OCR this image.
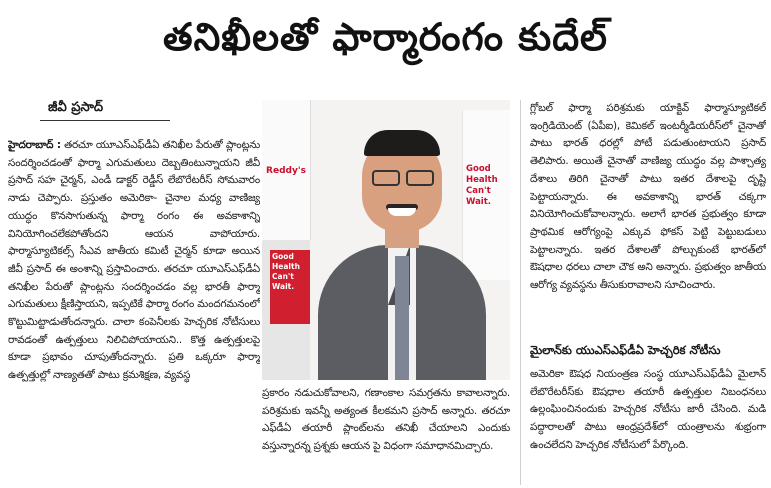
తనిఖీలతో ఫార్మారంగం కుదేల్
జీవీ ప్రసాద్

హైదరాబాద్ : తరచూ యూఎస్‌ఎఫ్‌డీఏ తనిఖీల పేరుతో ప్లాంట్లను సందర్శించడంతో ఫార్మా ఎగుమతులు దెబ్బతింటున్నాయని జీవీ ప్రసాద్ సహ చైర్మన్, ఎండీ డాక్టర్ రెడ్డీస్ లేబొరేటరీస్ సోమవారం నాడు చెప్పారు. ప్రస్తుతం అమెరికా- చైనాల మధ్య వాణిజ్య యుద్ధం కొనసాగుతున్న ఫార్మా రంగం ఈ అవకాశాన్ని వినియోగించలేకపోతోందని ఆయన వాపోయారు. ఫార్మాస్యూటికల్స్ సీఎవ జాతీయ కమిటీ చైర్మన్ కూడా అయిన జీవీ ప్రసాద్ ఈ అంశాన్ని ప్రస్తావించారు. తరచూ యూఎస్‌ఎఫ్‌డీఏ తనిఖీల పేరుతో ప్లాంట్లను సందర్శించడం వల్ల భారతీ ఫార్మా ఎగుమతులు క్షీణిస్తాయని, ఇప్పటికే ఫార్మా రంగం మందగమనంలో కొట్టుమిట్టాడుతోందన్నారు. చాలా కంపెనీలకు హెచ్చరిక నోటీసులు రావడంతో ఉత్పత్తులు నిలిచిపోయాయని.. కొత్త ఉత్పత్తులపై కూడా ప్రభావం చూపుతోందన్నారు. ప్రతి ఒక్కరూ ఫార్మా ఉత్పత్తుల్లో నాణ్యతతో పాటు క్రమశిక్షణ, వ్యవస్థ

Reddy's
Good Health Can't Wait.
Good Health Can't Wait.

ప్రకారం నడుచుకోవాలని, గణాంకాల సమగ్రతను కావాలన్నారు. పరిశ్రమకు ఇవన్నీ అత్యంత కీలకమని ప్రసాద్ అన్నారు. తరచూ ఎఫ్‌డీఏ తయారీ ప్లాంట్‌లను తనిఖీ చేయాలని ఎందుకు వస్తున్నారన్న ప్రశ్నకు ఆయన పై విధంగా సమాధానమిచ్చారు.

గ్లోబల్ ఫార్మా పరిశ్రమకు యాక్టివ్ ఫార్మాస్యూటికల్ ఇంగ్రిడియెంట్ (ఏపీఐ), కెమికల్ ఇంటర్మీడియరీస్‌లో చైనాతో పాటు భారత్ ధరల్లో పోటీ పడుతుంటాయని ప్రసాద్ తెలిపారు. అయితే చైనాతో వాణిజ్య యుద్ధం వల్ల పాశ్చాత్య దేశాలు తిరిగి చైనాతో పాటు ఇతర దేశాలపై దృష్టి పెట్టాయన్నారు. ఈ అవకాశాన్ని భారత్ చక్కగా వినియోగించుకోవాలన్నారు. అలాగే భారత ప్రభుత్వం కూడా ప్రాథమిక ఆరోగ్యంపై ఎక్కువ ఫోకస్ పెట్టి పెట్టుబడులు పెట్టాలన్నారు. ఇతర దేశాలతో పోల్చుకుంటే భారత్‌లో ఔషధాల ధరలు చాలా చౌక అని అన్నారు. ప్రభుత్వం జాతీయ ఆరోగ్య వ్యవస్థను తీసుకురావాలని సూచించారు.

మైలాన్‌కు యుఎస్‌ఎఫ్‌డీఏ హెచ్చరిక నోటీసు

అమెరికా ఔషధ నియంత్రణ సంస్థ యూఎస్‌ఎఫ్‌డీఏ మైలాన్ లేబొరేటరీస్‌కు ఔషధాల తయారీ ఉత్పత్తుల నిబంధనలు ఉల్లంఘించినందుకు హెచ్చరిక నోటీసు జారీ చేసింది. మడి పద్ధారాలతో పాటు ఆంధ్రప్రదేశ్‌లో యంత్రాలను శుభ్రంగా ఉంచలేదని హెచ్చరిక నోటీసులో పేర్కొంది.
